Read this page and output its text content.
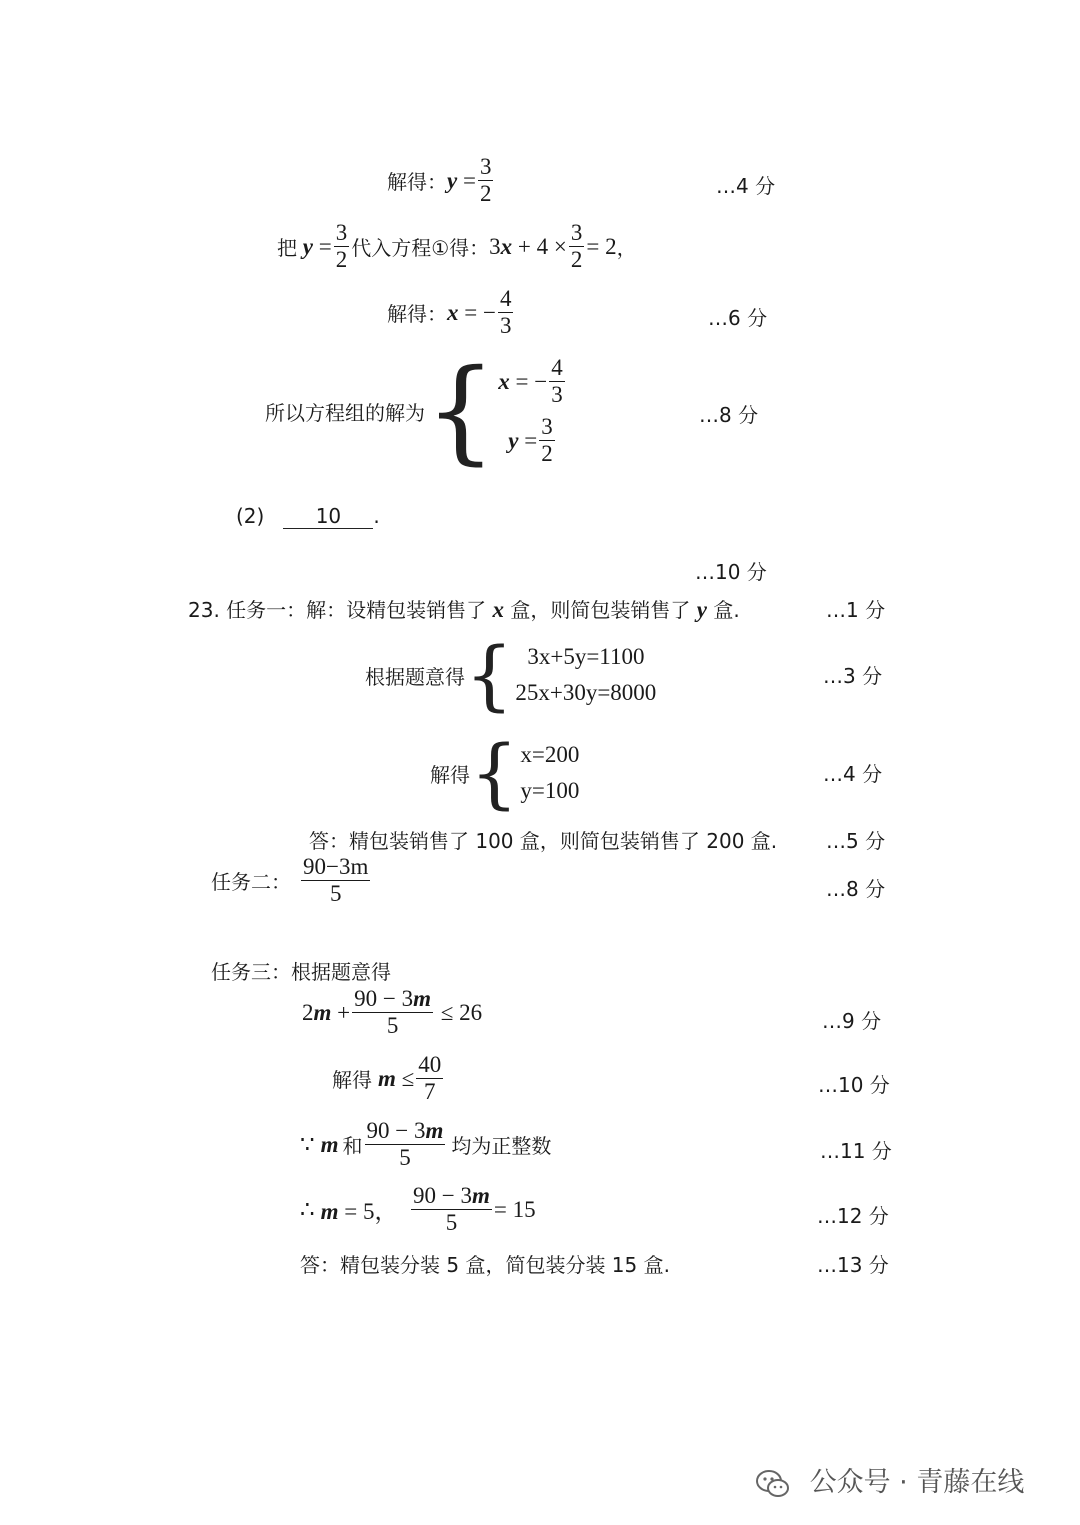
解得： $y = \frac{3}{2}$	…4 分
把 $y = \frac{3}{2}$ 代入方程①得： $3x + 4 \times \frac{3}{2} = 2$ ，
解得： x = − $\frac{4}{3}$	…6 分
所以方程组的解为 { x = − $\frac{4}{3}$
$y = \frac{3}{2}$	…8 分
(2)	10 .
…10 分
23. 任务一：解：设精包装销售了 x 盒，则简包装销售了 y 盒.	…1 分
根据题意得 { 3x+5y=1100
25x+30y=8000
…3 分
解得 { x=200
y=100
…4 分
答：精包装销售了 100 盒，则简包装销售了 200 盒. …5 分
任务二： $\frac{90-3m}{5}$	…8 分
任务三：根据题意得
$2m + \frac{90 - 3m}{5} \le 26$	…9 分
解得 $m \le \frac{40}{7}$	…10 分
∵ m 和 $\frac{90 - 3m}{5}$ 均为正整数	…11 分
∴ m = 5， $\frac{90 - 3m}{5} = 15$	…12 分
答：精包装分装 5 盒，简包装分装 15 盒.	…13 分
公众号 · 青藤在线
